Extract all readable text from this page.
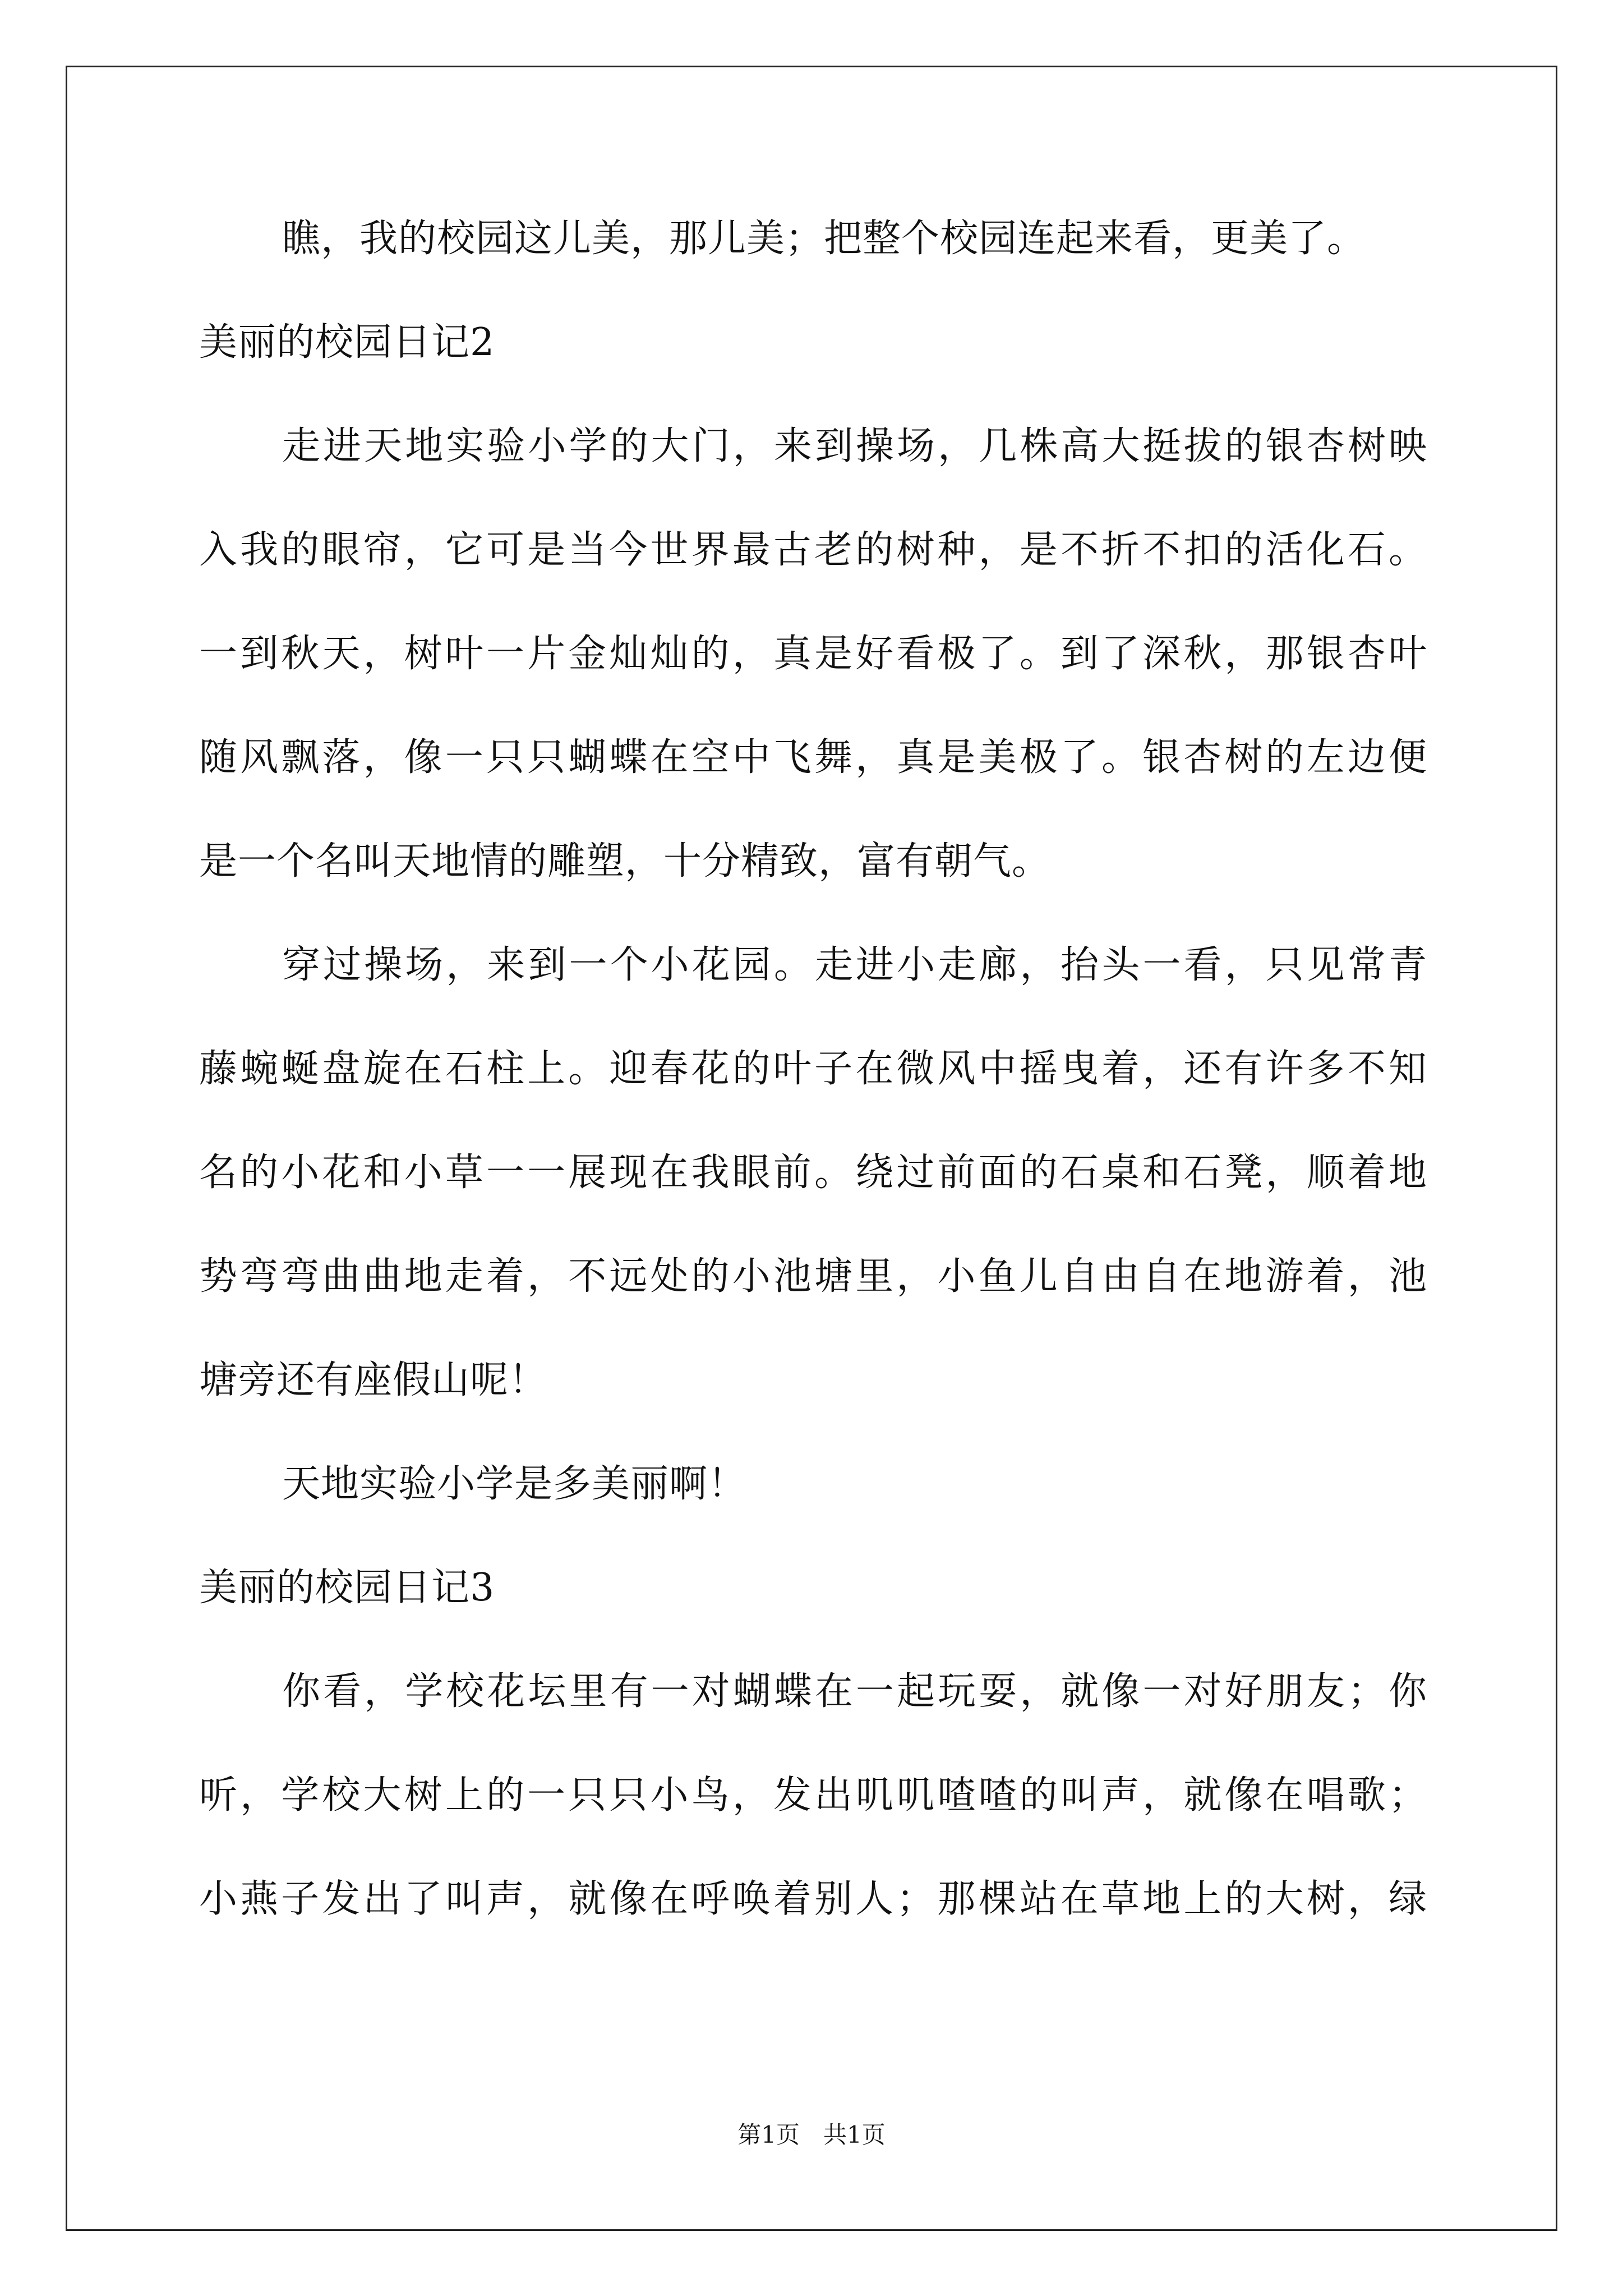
瞧，我的校园这儿美，那儿美；把整个校园连起来看，更美了。

美丽的校园日记2

走进天地实验小学的大门，来到操场，几株高大挺拔的银杏树映

入我的眼帘，它可是当今世界最古老的树种，是不折不扣的活化石。

一到秋天，树叶一片金灿灿的，真是好看极了。到了深秋，那银杏叶

随风飘落，像一只只蝴蝶在空中飞舞，真是美极了。银杏树的左边便

是一个名叫天地情的雕塑，十分精致，富有朝气。

穿过操场，来到一个小花园。走进小走廊，抬头一看，只见常青

藤蜿蜒盘旋在石柱上。迎春花的叶子在微风中摇曳着，还有许多不知

名的小花和小草一一展现在我眼前。绕过前面的石桌和石凳，顺着地

势弯弯曲曲地走着，不远处的小池塘里，小鱼儿自由自在地游着，池

塘旁还有座假山呢！

天地实验小学是多美丽啊！

美丽的校园日记3

你看，学校花坛里有一对蝴蝶在一起玩耍，就像一对好朋友；你

听，学校大树上的一只只小鸟，发出叽叽喳喳的叫声，就像在唱歌；

小燕子发出了叫声，就像在呼唤着别人；那棵站在草地上的大树，绿

第1页　共1页
